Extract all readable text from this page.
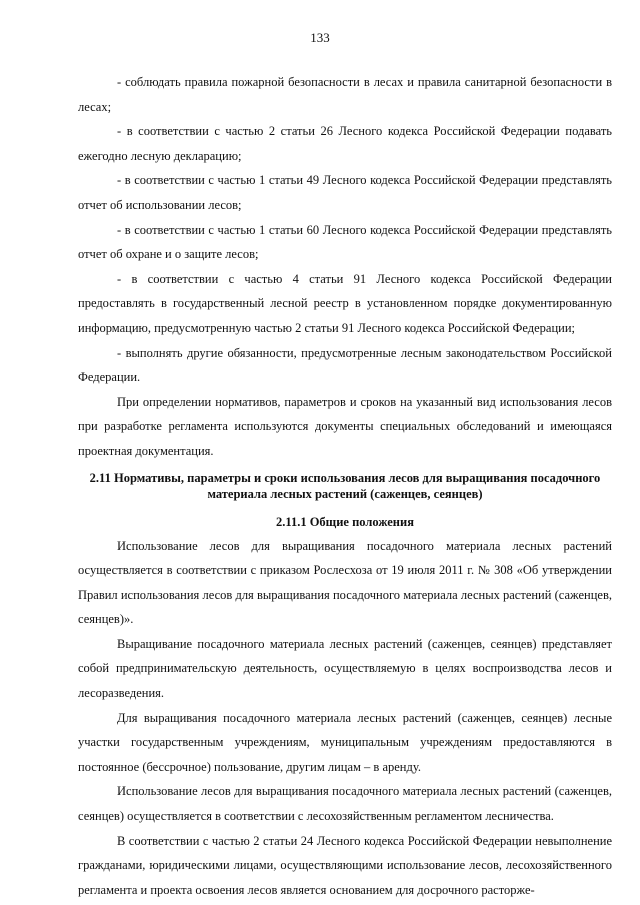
133

- соблюдать правила пожарной безопасности в лесах и правила санитарной безопасности в лесах;

- в соответствии с частью 2 статьи 26 Лесного кодекса Российской Федерации подавать ежегодно лесную декларацию;

- в соответствии с частью 1 статьи 49 Лесного кодекса Российской Федерации представлять отчет об использовании лесов;

- в соответствии с частью 1 статьи 60 Лесного кодекса Российской Федерации представлять отчет об охране и о защите лесов;

- в соответствии с частью 4 статьи 91 Лесного кодекса Российской Федерации предоставлять в государственный лесной реестр в установленном порядке документированную информацию, предусмотренную частью 2 статьи 91 Лесного кодекса Российской Федерации;

- выполнять другие обязанности, предусмотренные лесным законодательством Российской Федерации.

При определении нормативов, параметров и сроков на указанный вид использования лесов при разработке регламента используются документы специальных обследований и имеющаяся проектная документация.

2.11 Нормативы, параметры и сроки использования лесов для выращивания посадочного материала лесных растений (саженцев, сеянцев)
2.11.1 Общие положения

Использование лесов для выращивания посадочного материала лесных растений осуществляется в соответствии с приказом Рослесхоза от 19 июля 2011 г. № 308 «Об утверждении Правил использования лесов для выращивания посадочного материала лесных растений (саженцев, сеянцев)».

Выращивание посадочного материала лесных растений (саженцев, сеянцев) представляет собой предпринимательскую деятельность, осуществляемую в целях воспроизводства лесов и лесоразведения.

Для выращивания посадочного материала лесных растений (саженцев, сеянцев) лесные участки государственным учреждениям, муниципальным учреждениям предоставляются в постоянное (бессрочное) пользование, другим лицам – в аренду.

Использование лесов для выращивания посадочного материала лесных растений (саженцев, сеянцев) осуществляется в соответствии с лесохозяйственным регламентом лесничества.

В соответствии с частью 2 статьи 24 Лесного кодекса Российской Федерации невыполнение гражданами, юридическими лицами, осуществляющими использование лесов, лесохозяйственного регламента и проекта освоения лесов является основанием для досрочного расторже-
